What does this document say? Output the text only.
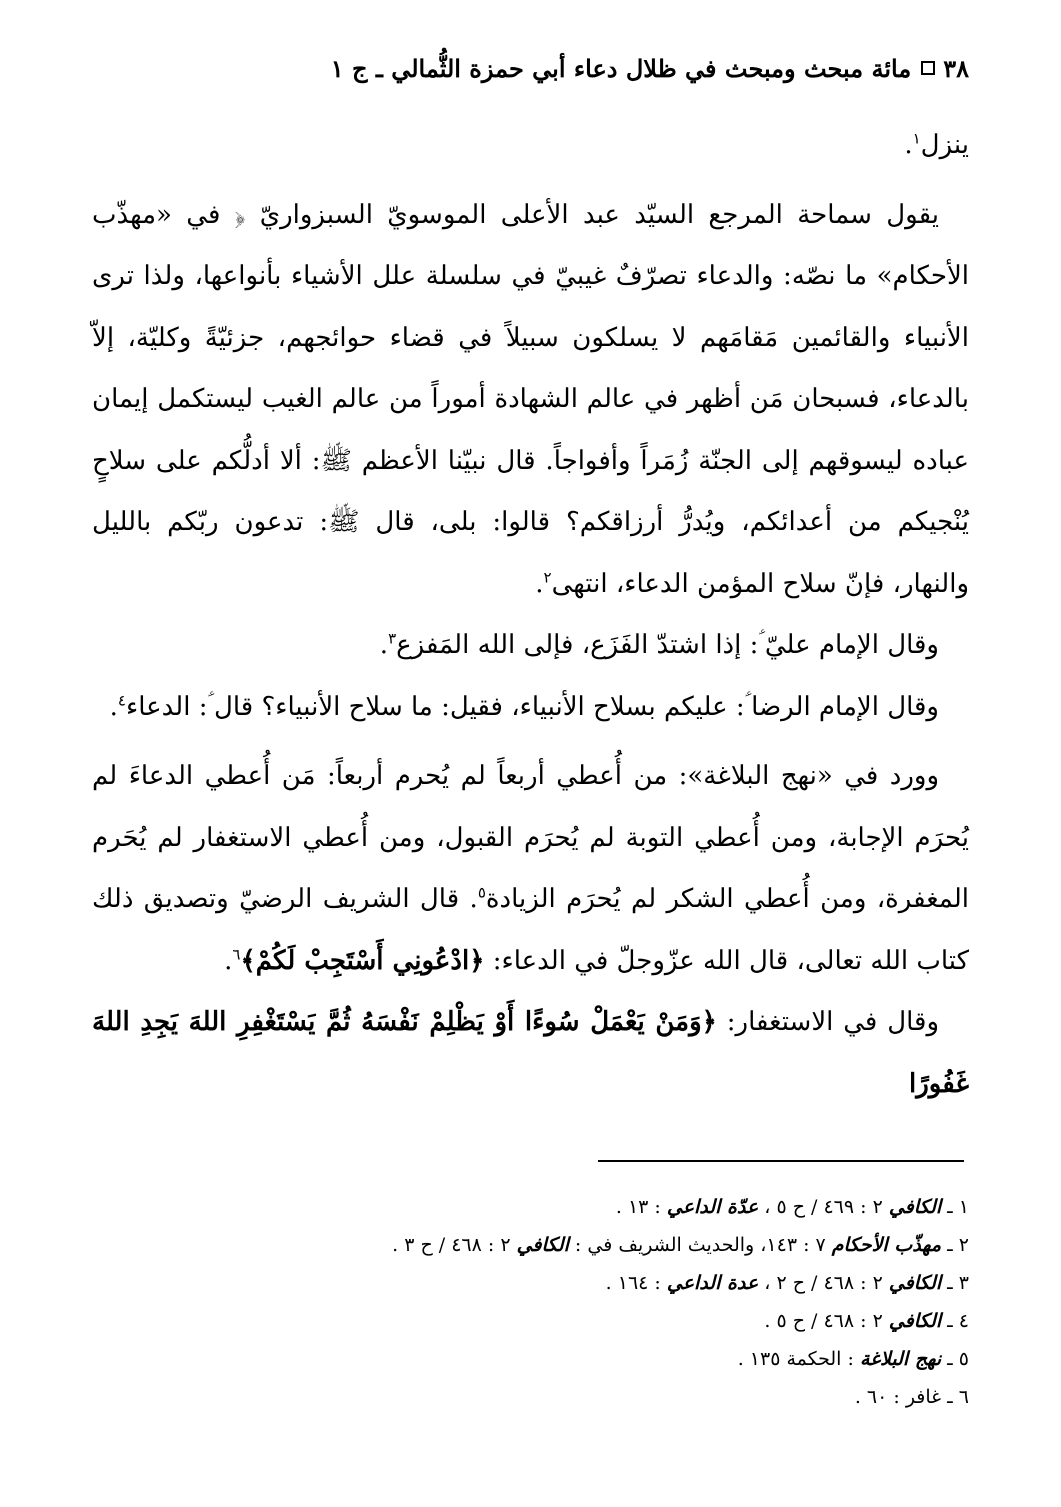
٣٨
مائة مبحث ومبحث في ظلال دعاء أبي حمزة الثُّمالي ـ ج ١

ينزل$^١$.

يقول سماحة المرجع السيّد عبد الأعلى الموسويّ السبزواريّ ﴿ في «مهذّب الأحكام» ما نصّه: والدعاء تصرّفٌ غيبيّ في سلسلة علل الأشياء بأنواعها، ولذا ترى الأنبياء والقائمين مَقامَهم لا يسلكون سبيلاً في قضاء حوائجهم، جزئيّةً وكليّة، إلاّ بالدعاء، فسبحان مَن أظهر في عالم الشهادة أموراً من عالم الغيب ليستكمل إيمان عباده ليسوقهم إلى الجنّة زُمَراً وأفواجاً. قال نبيّنا الأعظم ﷺ: ألا أدلُّكم على سلاحٍ يُنْجيكم من أعدائكم، ويُدرُّ أرزاقكم؟ قالوا: بلى، قال ﷺ: تدعون ربّكم بالليل والنهار، فإنّ سلاح المؤمن الدعاء، انتهى$^٢$.

وقال الإمام عليّ ؑ: إذا اشتدّ الفَزَع، فإلى الله المَفزع$^٣$.

وقال الإمام الرضا ؑ: عليكم بسلاح الأنبياء، فقيل: ما سلاح الأنبياء؟ قال ؑ: الدعاء$^٤$.

وورد في «نهج البلاغة»: من أُعطي أربعاً لم يُحرم أربعاً: مَن أُعطي الدعاءَ لم يُحرَم الإجابة، ومن أُعطي التوبة لم يُحرَم القبول، ومن أُعطي الاستغفار لم يُحَرم المغفرة، ومن أُعطي الشكر لم يُحرَم الزيادة$^٥$. قال الشريف الرضيّ وتصديق ذلك كتاب الله تعالى، قال الله عزّوجلّ في الدعاء: ﴿ادْعُونِي أَسْتَجِبْ لَكُمْ﴾$^٦$.

وقال في الاستغفار: ﴿وَمَنْ يَعْمَلْ سُوءًا أَوْ يَظْلِمْ نَفْسَهُ ثُمَّ يَسْتَغْفِرِ اللهَ يَجِدِ اللهَ غَفُورًا

١ ـ الكافي ٢ : ٤٦٩ / ح ٥ ، عدّة الداعي : ١٣ .
٢ ـ مهذّب الأحكام ٧ : ١٤٣، والحديث الشريف في : الكافي ٢ : ٤٦٨ / ح ٣ .
٣ ـ الكافي ٢ : ٤٦٨ / ح ٢ ، عدة الداعي : ١٦٤ .
٤ ـ الكافي ٢ : ٤٦٨ / ح ٥ .
٥ ـ نهج البلاغة : الحكمة ١٣٥ .
٦ ـ غافر : ٦٠ .
